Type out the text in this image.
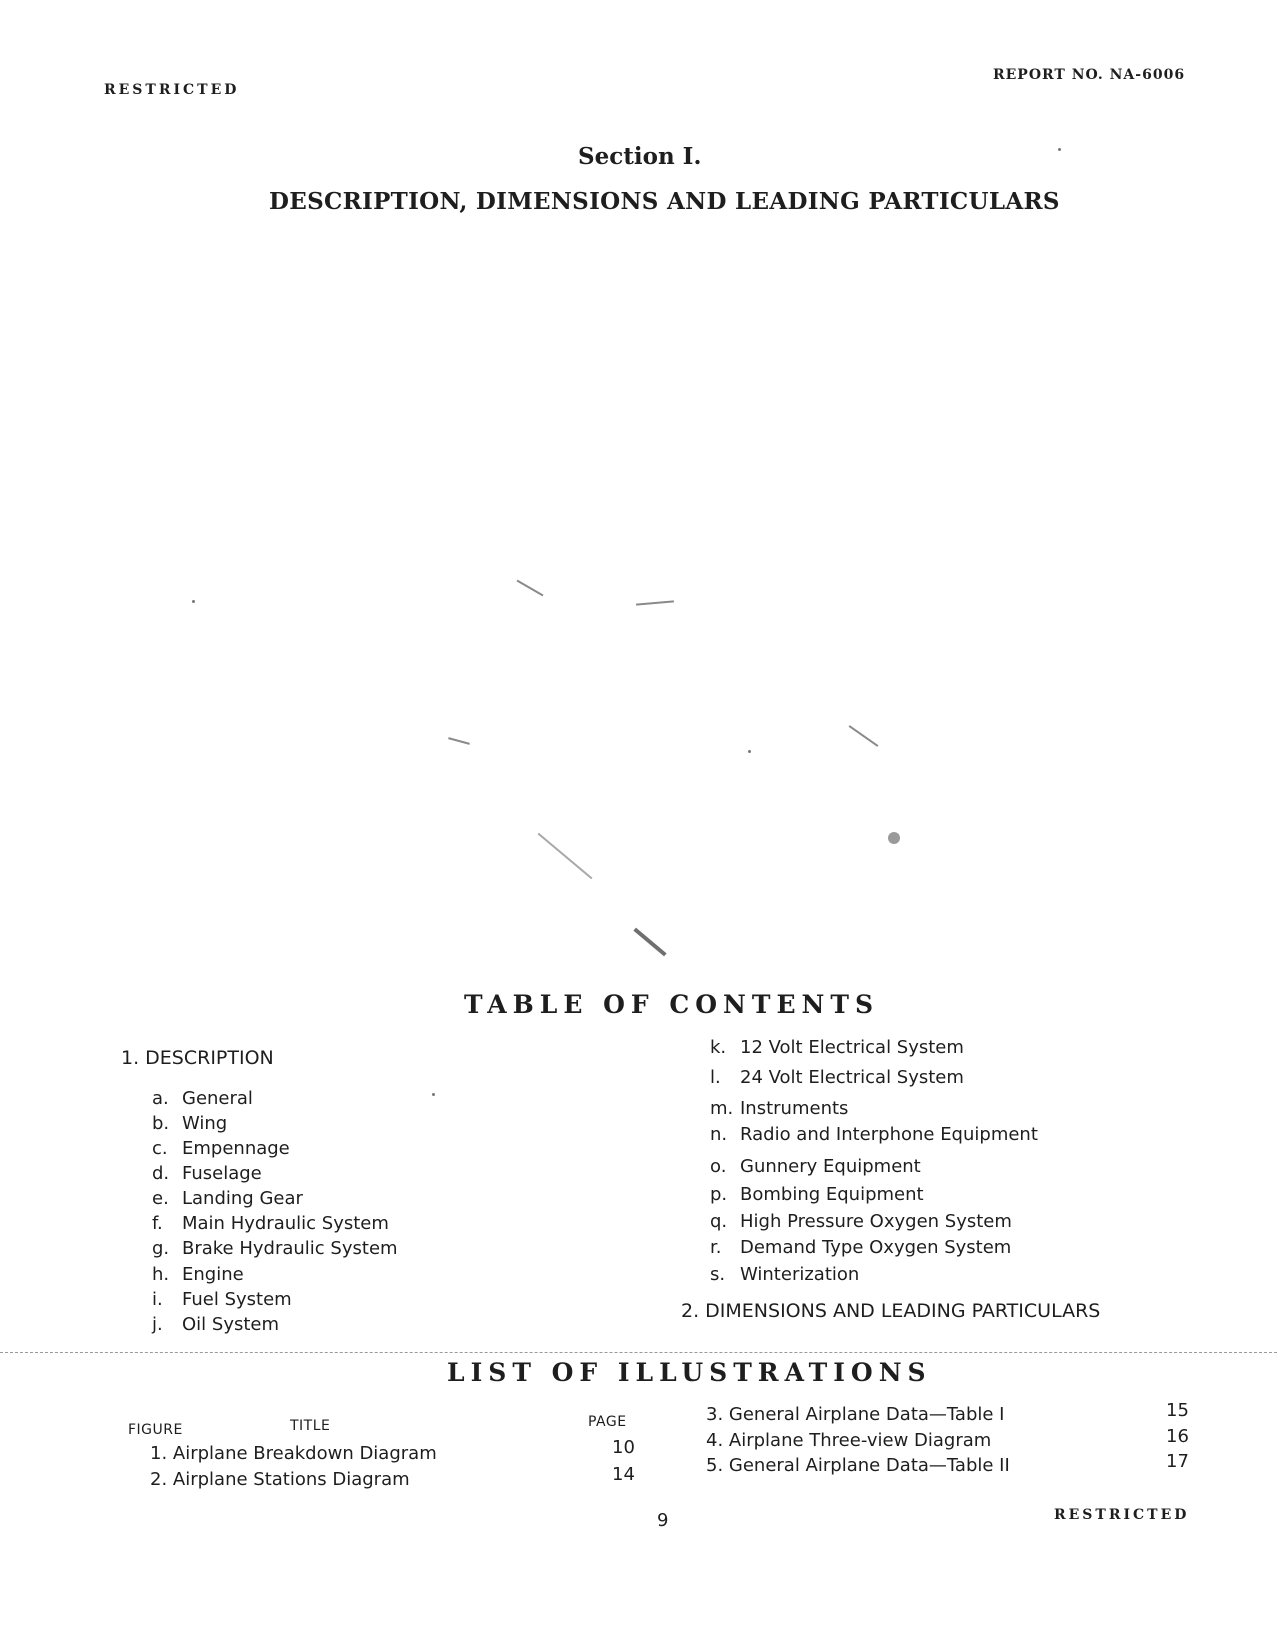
RESTRICTED
REPORT NO. NA-6006
Section I.
DESCRIPTION, DIMENSIONS AND LEADING PARTICULARS
TABLE OF CONTENTS
1. DESCRIPTION
a. General
b. Wing
c. Empennage
d. Fuselage
e. Landing Gear
f. Main Hydraulic System
g. Brake Hydraulic System
h. Engine
i. Fuel System
j. Oil System
k. 12 Volt Electrical System
l. 24 Volt Electrical System
m. Instruments
n. Radio and Interphone Equipment
o. Gunnery Equipment
p. Bombing Equipment
q. High Pressure Oxygen System
r. Demand Type Oxygen System
s. Winterization
2. DIMENSIONS AND LEADING PARTICULARS
LIST OF ILLUSTRATIONS
FIGURE	TITLE	PAGE
1. Airplane Breakdown Diagram	10
2. Airplane Stations Diagram	14
3. General Airplane Data—Table I	15
4. Airplane Three-view Diagram	16
5. General Airplane Data—Table II	17
9	RESTRICTED
